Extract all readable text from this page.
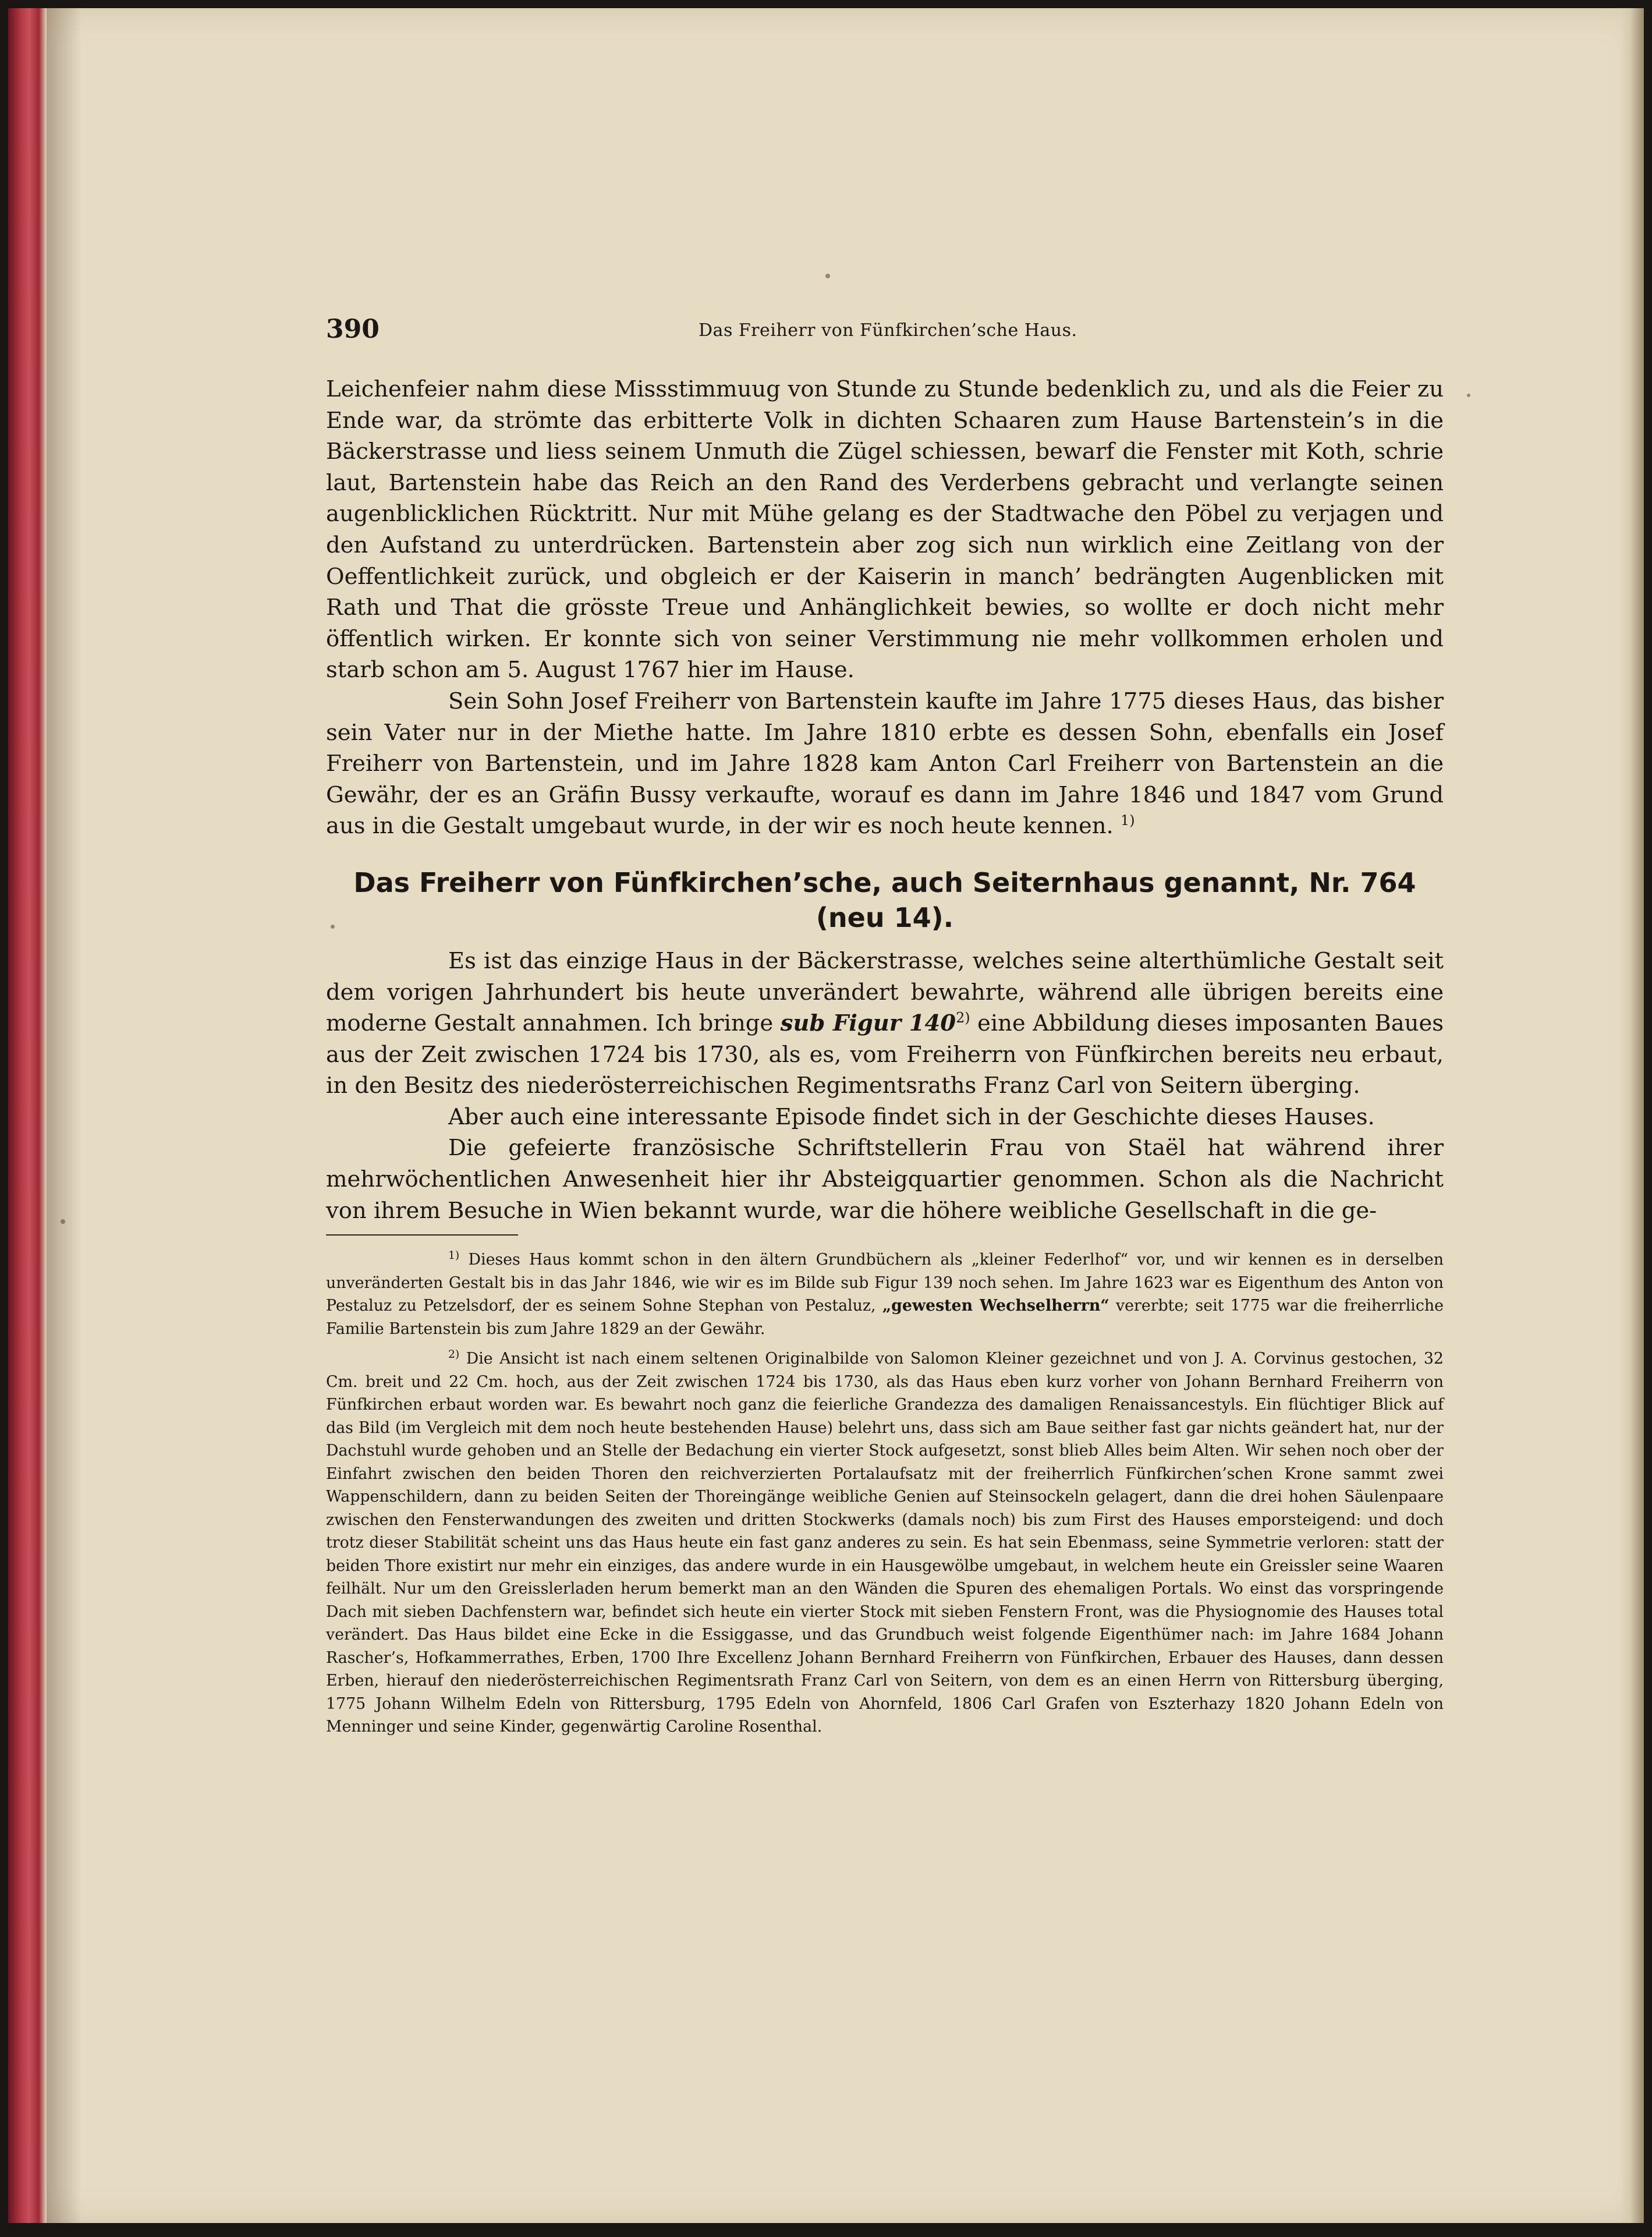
390	Das Freiherr von Fünfkirchen’sche Haus.

Leichenfeier nahm diese Missstimmuug von Stunde zu Stunde bedenklich zu, und als die Feier zu Ende war, da strömte das erbitterte Volk in dichten Schaaren zum Hause Bartenstein’s in die Bäckerstrasse und liess seinem Unmuth die Zügel schiessen, bewarf die Fenster mit Koth, schrie laut, Bartenstein habe das Reich an den Rand des Verderbens gebracht und verlangte seinen augenblicklichen Rücktritt. Nur mit Mühe gelang es der Stadtwache den Pöbel zu verjagen und den Aufstand zu unterdrücken. Bartenstein aber zog sich nun wirklich eine Zeitlang von der Oeffentlichkeit zurück, und obgleich er der Kaiserin in manch’ bedrängten Augenblicken mit Rath und That die grösste Treue und Anhänglichkeit bewies, so wollte er doch nicht mehr öffentlich wirken. Er konnte sich von seiner Verstimmung nie mehr vollkommen erholen und starb schon am 5. August 1767 hier im Hause.

Sein Sohn Josef Freiherr von Bartenstein kaufte im Jahre 1775 dieses Haus, das bisher sein Vater nur in der Miethe hatte. Im Jahre 1810 erbte es dessen Sohn, ebenfalls ein Josef Freiherr von Bartenstein, und im Jahre 1828 kam Anton Carl Freiherr von Bartenstein an die Gewähr, der es an Gräfin Bussy verkaufte, worauf es dann im Jahre 1846 und 1847 vom Grund aus in die Gestalt umgebaut wurde, in der wir es noch heute kennen. $^{1)}$

Das Freiherr von Fünfkirchen’sche, auch Seiternhaus genannt, Nr. 764
(neu 14).

Es ist das einzige Haus in der Bäckerstrasse, welches seine alterthümliche Gestalt seit dem vorigen Jahrhundert bis heute unverändert bewahrte, während alle übrigen bereits eine moderne Gestalt annahmen. Ich bringe sub Figur 140$^{2)}$ eine Abbildung dieses imposanten Baues aus der Zeit zwischen 1724 bis 1730, als es, vom Freiherrn von Fünfkirchen bereits neu erbaut, in den Besitz des niederösterreichischen Regimentsraths Franz Carl von Seitern überging.

Aber auch eine interessante Episode findet sich in der Geschichte dieses Hauses.

Die gefeierte französische Schriftstellerin Frau von Staël hat während ihrer mehrwöchentlichen Anwesenheit hier ihr Absteigquartier genommen. Schon als die Nachricht von ihrem Besuche in Wien bekannt wurde, war die höhere weibliche Gesellschaft in die ge-

$^{1)}$ Dieses Haus kommt schon in den ältern Grundbüchern als „kleiner Federlhof“ vor, und wir kennen es in derselben unveränderten Gestalt bis in das Jahr 1846, wie wir es im Bilde sub Figur 139 noch sehen. Im Jahre 1623 war es Eigenthum des Anton von Pestaluz zu Petzelsdorf, der es seinem Sohne Stephan von Pestaluz, „gewesten Wechselherrn“ vererbte; seit 1775 war die freiherrliche Familie Bartenstein bis zum Jahre 1829 an der Gewähr.

$^{2)}$ Die Ansicht ist nach einem seltenen Originalbilde von Salomon Kleiner gezeichnet und von J. A. Corvinus gestochen, 32 Cm. breit und 22 Cm. hoch, aus der Zeit zwischen 1724 bis 1730, als das Haus eben kurz vorher von Johann Bernhard Freiherrn von Fünfkirchen erbaut worden war. Es bewahrt noch ganz die feierliche Grandezza des damaligen Renaissancestyls. Ein flüchtiger Blick auf das Bild (im Vergleich mit dem noch heute bestehenden Hause) belehrt uns, dass sich am Baue seither fast gar nichts geändert hat, nur der Dachstuhl wurde gehoben und an Stelle der Bedachung ein vierter Stock aufgesetzt, sonst blieb Alles beim Alten. Wir sehen noch ober der Einfahrt zwischen den beiden Thoren den reichverzierten Portalaufsatz mit der freiherrlich Fünfkirchen’schen Krone sammt zwei Wappenschildern, dann zu beiden Seiten der Thoreingänge weibliche Genien auf Steinsockeln gelagert, dann die drei hohen Säulenpaare zwischen den Fensterwandungen des zweiten und dritten Stockwerks (damals noch) bis zum First des Hauses emporsteigend: und doch trotz dieser Stabilität scheint uns das Haus heute ein fast ganz anderes zu sein. Es hat sein Ebenmass, seine Symmetrie verloren: statt der beiden Thore existirt nur mehr ein einziges, das andere wurde in ein Hausgewölbe umgebaut, in welchem heute ein Greissler seine Waaren feilhält. Nur um den Greisslerladen herum bemerkt man an den Wänden die Spuren des ehemaligen Portals. Wo einst das vorspringende Dach mit sieben Dachfenstern war, befindet sich heute ein vierter Stock mit sieben Fenstern Front, was die Physiognomie des Hauses total verändert. Das Haus bildet eine Ecke in die Essiggasse, und das Grundbuch weist folgende Eigenthümer nach: im Jahre 1684 Johann Rascher’s, Hofkammerrathes, Erben, 1700 Ihre Excellenz Johann Bernhard Freiherrn von Fünfkirchen, Erbauer des Hauses, dann dessen Erben, hierauf den niederösterreichischen Regimentsrath Franz Carl von Seitern, von dem es an einen Herrn von Rittersburg überging, 1775 Johann Wilhelm Edeln von Rittersburg, 1795 Edeln von Ahornfeld, 1806 Carl Grafen von Eszterhazy 1820 Johann Edeln von Menninger und seine Kinder, gegenwärtig Caroline Rosenthal.
